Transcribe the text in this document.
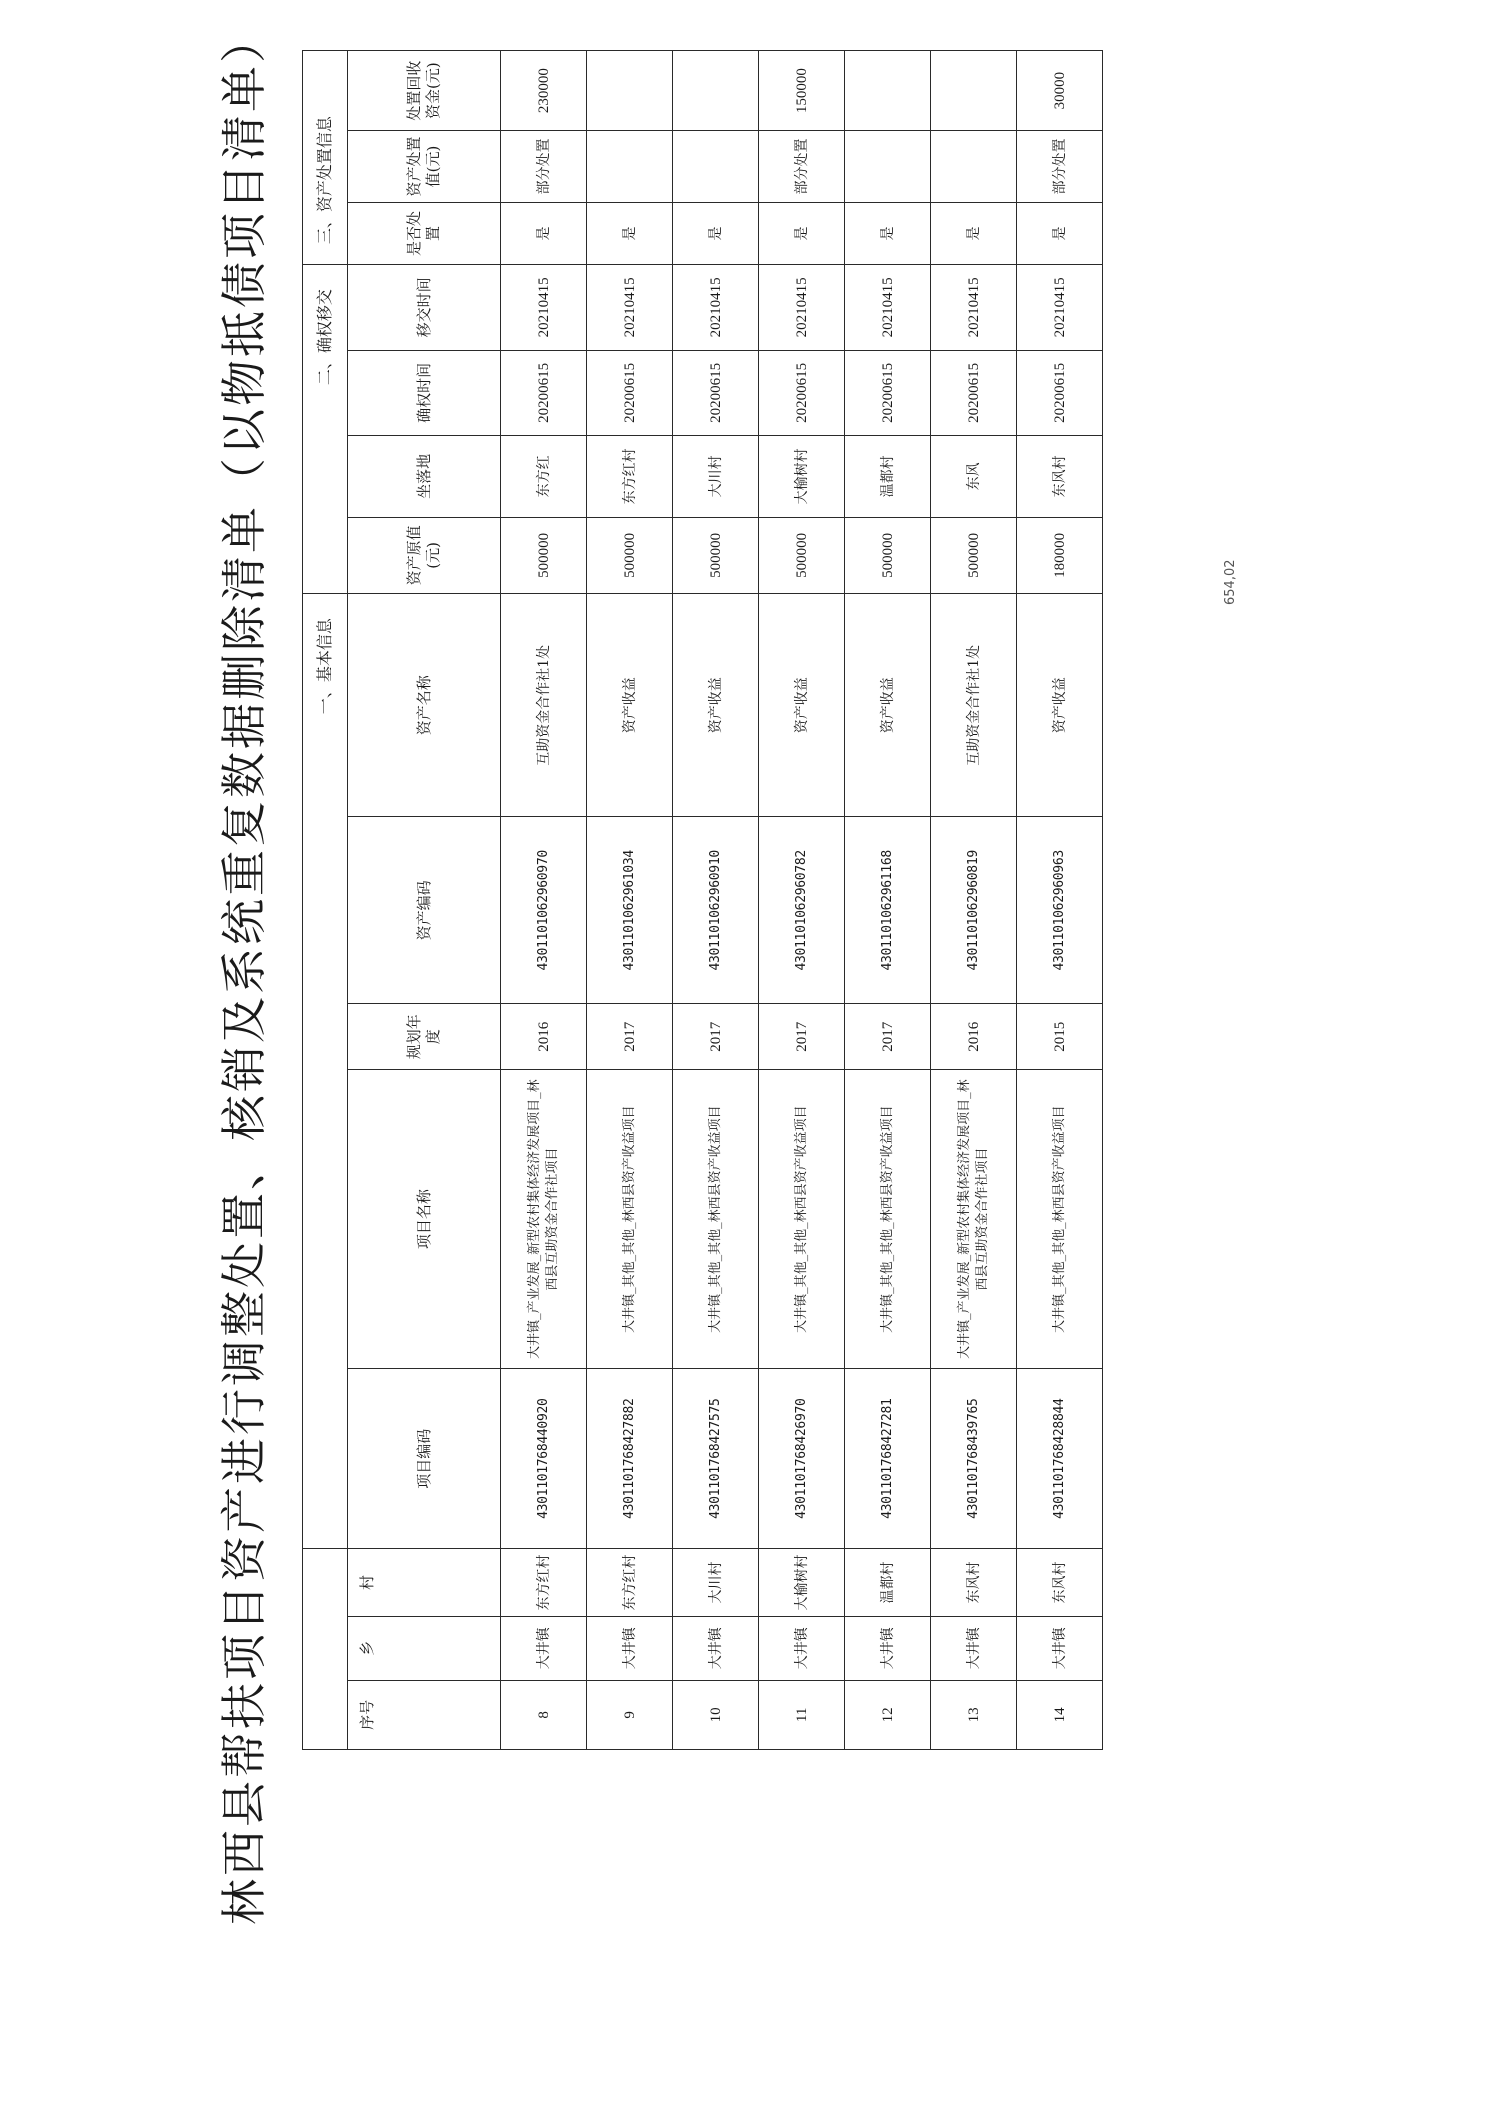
林西县帮扶项目资产进行调整处置、核销及系统重复数据删除清单（以物抵债项目清单）
			一、基本信息					二、确权移交				三、资产处置信息		
序号	乡	村	项目编码	项目名称	规划年度	资产编码	资产名称	资产原值(元)	坐落地	确权时间	移交时间	是否处置	资产处置值(元)	处置回收资金(元)
8	大井镇	东方红村	43011017684409​20	大井镇_产业发展_新型农村集体经济发展项目_林西县互助资金合作社项目	2016	430110106296​0970	互助资金合作社1处	500000	东方红	20200615	20210415	是	部分处置	230000
9	大井镇	东方红村	430110176842​7882	大井镇_其他_其他_林西县资产收益项目	2017	430110106296​1034	资产收益	500000	东方红村	20200615	20210415	是		
10	大井镇	大川村	430110176842​7575	大井镇_其他_其他_林西县资产收益项目	2017	430110106296​0910	资产收益	500000	大川村	20200615	20210415	是		
11	大井镇	大榆树村	430110176842​6970	大井镇_其他_其他_林西县资产收益项目	2017	430110106296​0782	资产收益	500000	大榆树村	20200615	20210415	是	部分处置	150000
12	大井镇	温都村	430110176842​7281	大井镇_其他_其他_林西县资产收益项目	2017	430110106296​1168	资产收益	500000	温都村	20200615	20210415	是		
13	大井镇	东风村	430110176843​9765	大井镇_产业发展_新型农村集体经济发展项目_林西县互助资金合作社项目	2016	430110106296​0819	互助资金合作社1处	500000	东风	20200615	20210415	是		
14	大井镇	东风村	430110176842​8844	大井镇_其他_其他_林西县资产收益项目	2015	430110106296​0963	资产收益	180000	东风村	20200615	20210415	是	部分处置	30000
654,02
